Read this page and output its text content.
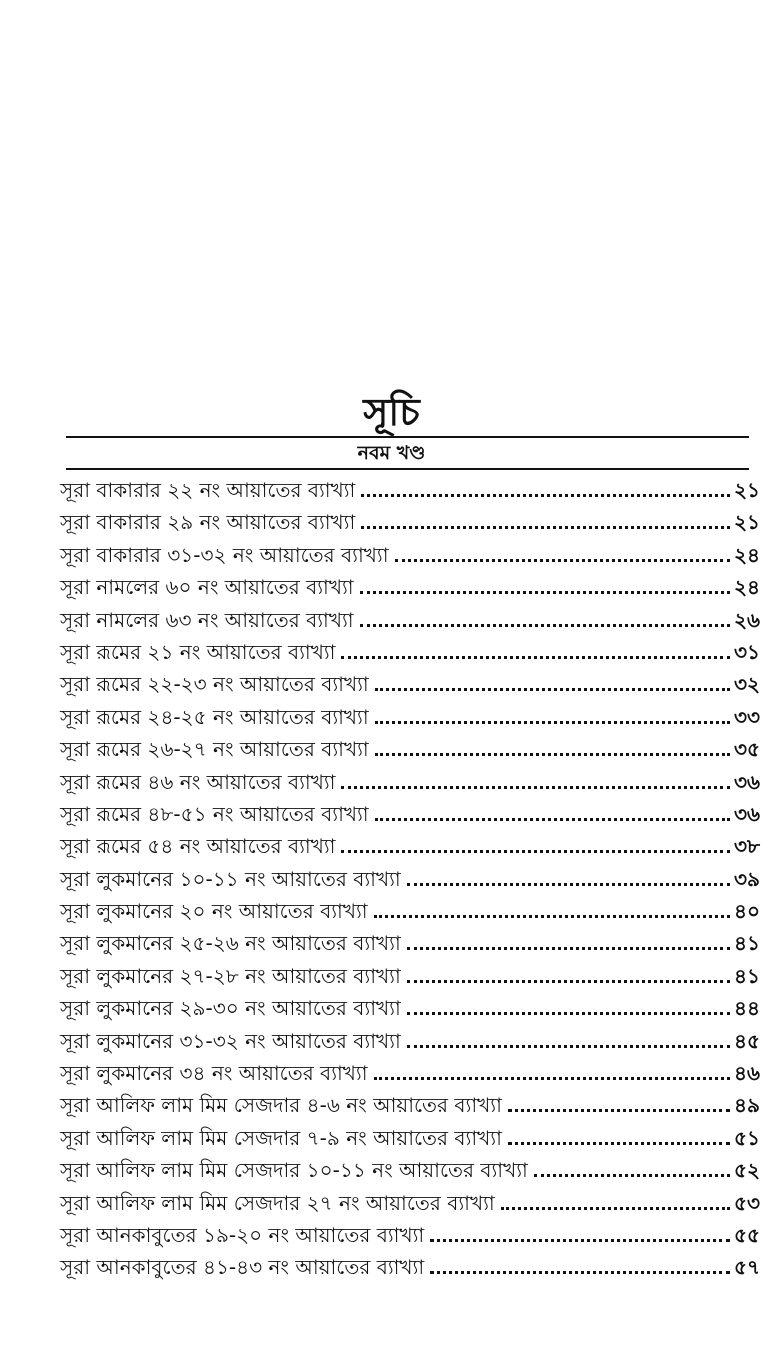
সূচি
নবম খণ্ড
সূরা বাকারার ২২ নং আয়াতের ব্যাখ্যা	২১
সূরা বাকারার ২৯ নং আয়াতের ব্যাখ্যা	২১
সূরা বাকারার ৩১-৩২ নং আয়াতের ব্যাখ্যা	২৪
সূরা নামলের ৬০ নং আয়াতের ব্যাখ্যা	২৪
সূরা নামলের ৬৩ নং আয়াতের ব্যাখ্যা	২৬
সূরা রূমের ২১ নং আয়াতের ব্যাখ্যা	৩১
সূরা রূমের ২২-২৩ নং আয়াতের ব্যাখ্যা	৩২
সূরা রূমের ২৪-২৫ নং আয়াতের ব্যাখ্যা	৩৩
সূরা রূমের ২৬-২৭ নং আয়াতের ব্যাখ্যা	৩৫
সূরা রূমের ৪৬ নং আয়াতের ব্যাখ্যা	৩৬
সূরা রূমের ৪৮-৫১ নং আয়াতের ব্যাখ্যা	৩৬
সূরা রূমের ৫৪ নং আয়াতের ব্যাখ্যা	৩৮
সূরা লুকমানের ১০-১১ নং আয়াতের ব্যাখ্যা	৩৯
সূরা লুকমানের ২০ নং আয়াতের ব্যাখ্যা	৪০
সূরা লুকমানের ২৫-২৬ নং আয়াতের ব্যাখ্যা	৪১
সূরা লুকমানের ২৭-২৮ নং আয়াতের ব্যাখ্যা	৪১
সূরা লুকমানের ২৯-৩০ নং আয়াতের ব্যাখ্যা	৪৪
সূরা লুকমানের ৩১-৩২ নং আয়াতের ব্যাখ্যা	৪৫
সূরা লুকমানের ৩৪ নং আয়াতের ব্যাখ্যা	৪৬
সূরা আলিফ লাম মিম সেজদার ৪-৬ নং আয়াতের ব্যাখ্যা	৪৯
সূরা আলিফ লাম মিম সেজদার ৭-৯ নং আয়াতের ব্যাখ্যা	৫১
সূরা আলিফ লাম মিম সেজদার ১০-১১ নং আয়াতের ব্যাখ্যা	৫২
সূরা আলিফ লাম মিম সেজদার ২৭ নং আয়াতের ব্যাখ্যা	৫৩
সূরা আনকাবুতের ১৯-২০ নং আয়াতের ব্যাখ্যা	৫৫
সূরা আনকাবুতের ৪১-৪৩ নং আয়াতের ব্যাখ্যা	৫৭
